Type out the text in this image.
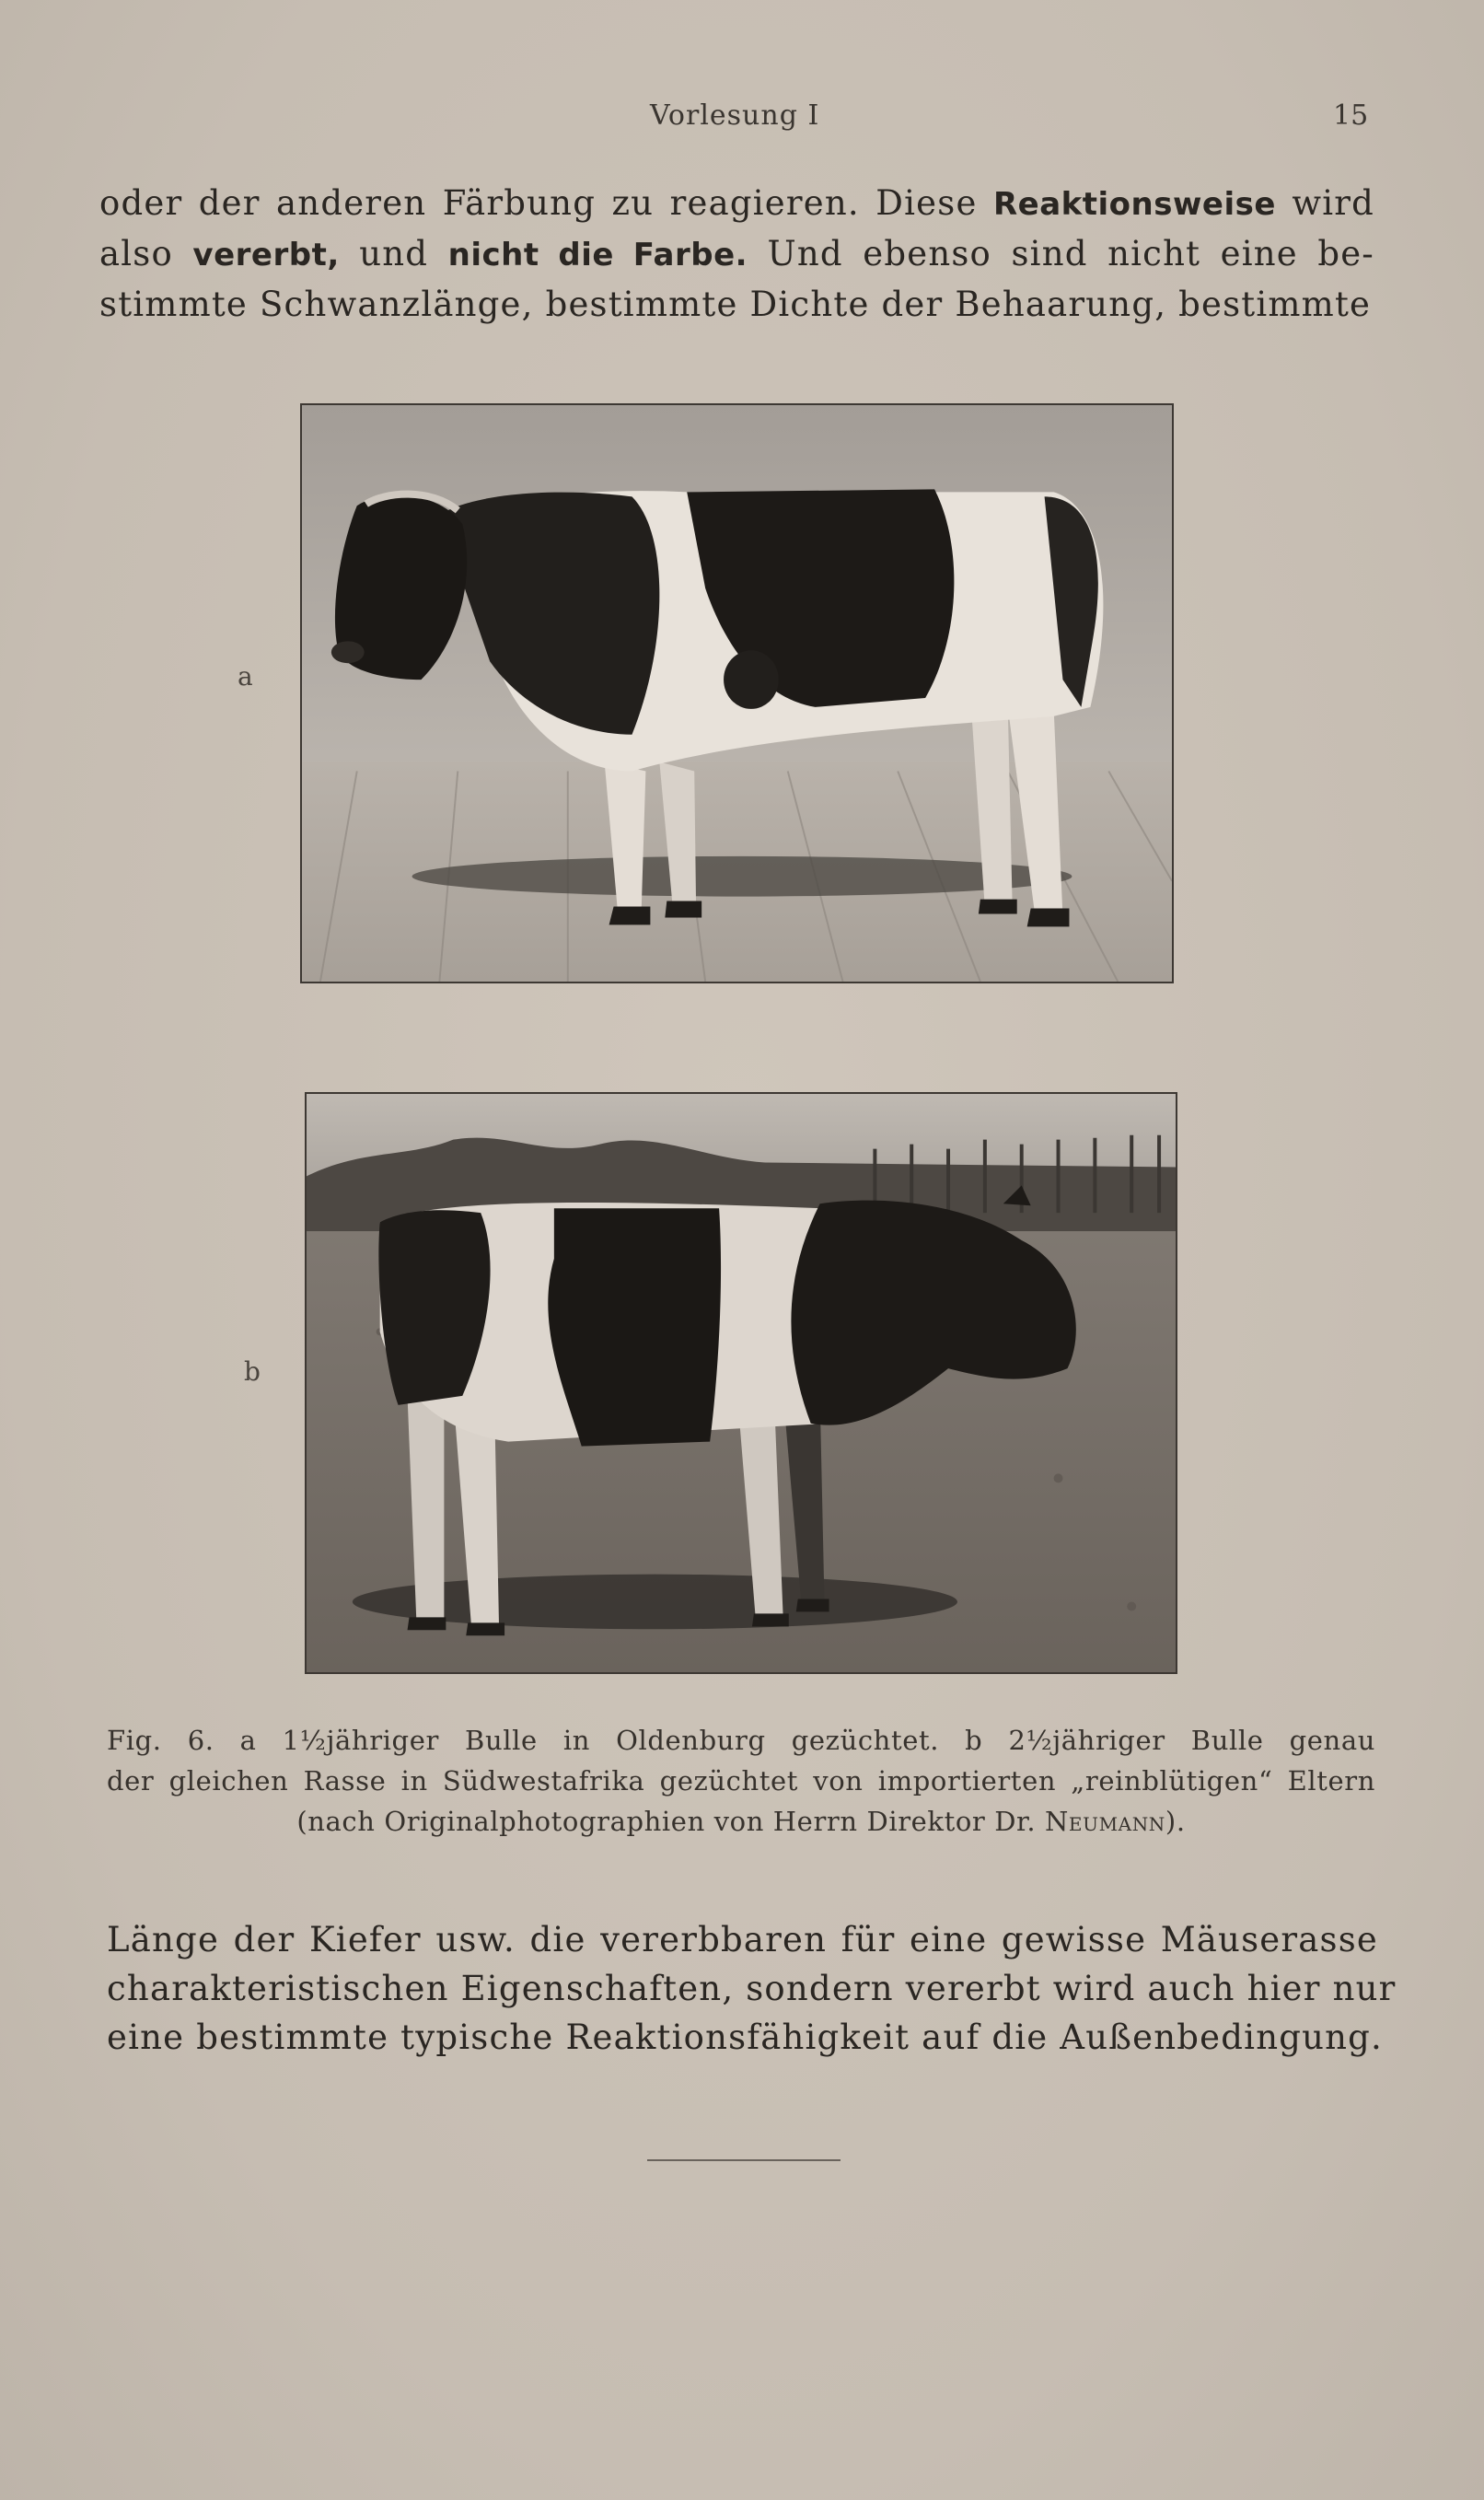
Vorlesung I	15

oder der anderen Färbung zu reagieren. Diese Reaktionsweise wird
also vererbt, und nicht die Farbe. Und ebenso sind nicht eine be-
stimmte Schwanzlänge, bestimmte Dichte der Behaarung, bestimmte

a
b
Fig. 6. a 1½jähriger Bulle in Oldenburg gezüchtet. b 2½jähriger Bulle genau
der gleichen Rasse in Südwestafrika gezüchtet von importierten „reinblütigen“ Eltern
(nach Originalphotographien von Herrn Direktor Dr. Neumann).

Länge der Kiefer usw. die vererbbaren für eine gewisse Mäuserasse
charakteristischen Eigenschaften, sondern vererbt wird auch hier nur
eine bestimmte typische Reaktionsfähigkeit auf die Außenbedingung.
